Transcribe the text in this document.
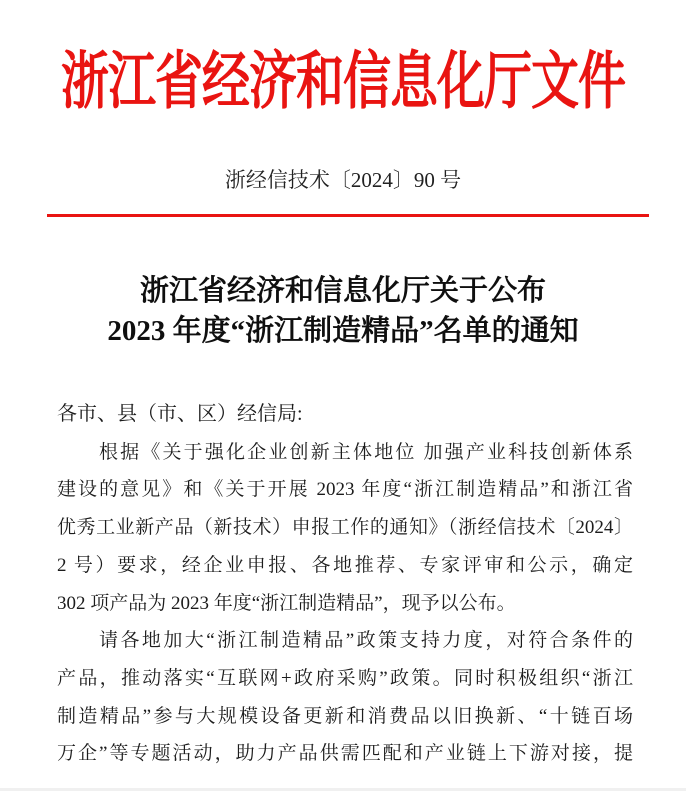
浙江省经济和信息化厅文件
浙经信技术〔2024〕90 号
浙江省经济和信息化厅关于公布
2023 年度“浙江制造精品”名单的通知
各市、县（市、区）经信局:
根据《关于强化企业创新主体地位 加强产业科技创新体系
建设的意见》和《关于开展 2023 年度“浙江制造精品”和浙江省
优秀工业新产品（新技术）申报工作的通知》（浙经信技术〔2024〕
2 号）要求，经企业申报、各地推荐、专家评审和公示，确定
302 项产品为 2023 年度“浙江制造精品”，现予以公布。
请各地加大“浙江制造精品”政策支持力度，对符合条件的
产品，推动落实“互联网+政府采购”政策。同时积极组织“浙江
制造精品”参与大规模设备更新和消费品以旧换新、“十链百场
万企”等专题活动，助力产品供需匹配和产业链上下游对接，提
